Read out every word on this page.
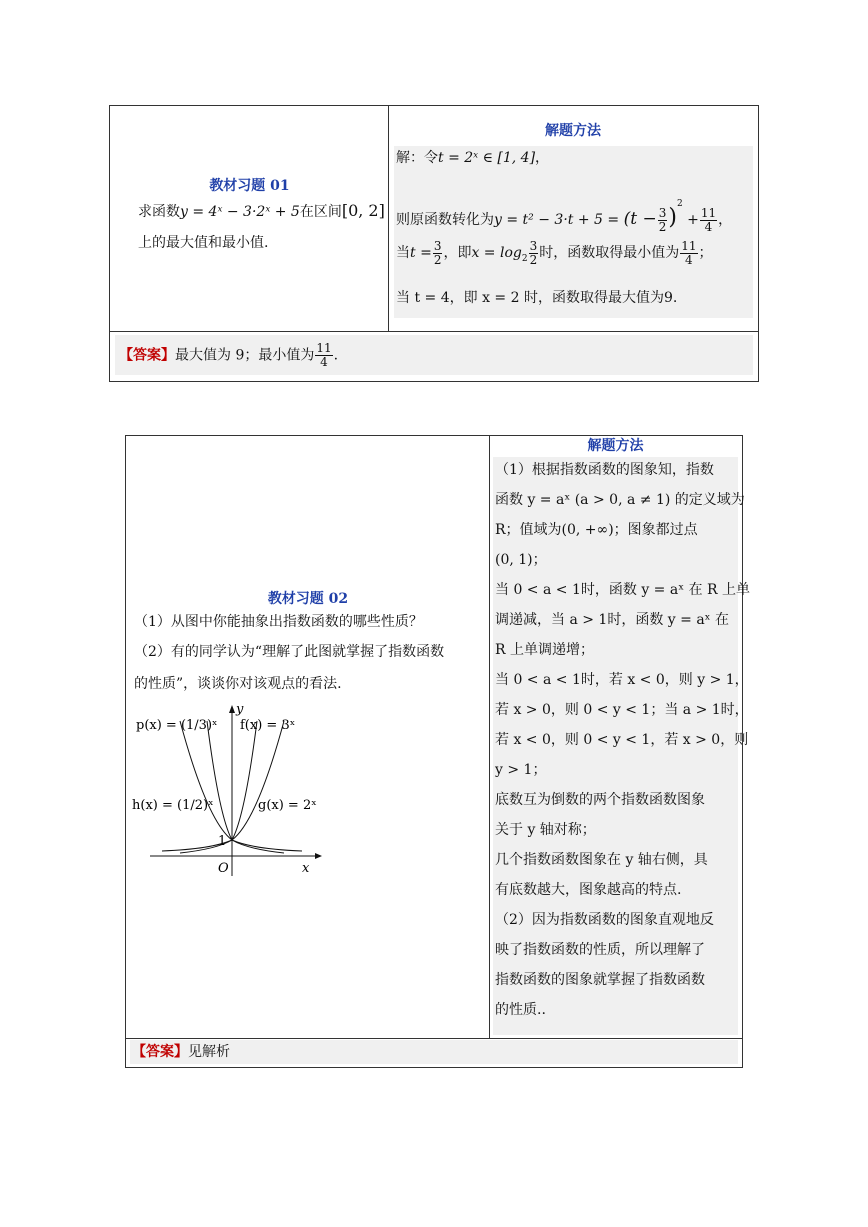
教材习题 01
求函数y = 4ˣ − 3·2ˣ + 5在区间[0, 2]
上的最大值和最小值.
解题方法
解：令t = 2ˣ ∈ [1, 4]，
则原函数转化为$y = t^2 - 3\cdot t + 5 = (t - \frac{3}{2} )^2 + \frac{11}{4}$ ，
当$t = \frac{3}{2}$ ，即$x = \log_2 \frac{3}{2}$ 时，函数取得最小值为 $\frac{11}{4}$ ；
当 t = 4，即 x = 2 时，函数取得最大值为9.
【答案】最大值为 9；最小值为 $\frac{11}{4}$ .
教材习题 02
（1）从图中你能抽象出指数函数的哪些性质？
（2）有的同学认为“理解了此图就掌握了指数函数
的性质”，谈谈你对该观点的看法.
p(x) = (1/3)ˣ f(x) = 3ˣ
h(x) = (1/2)ˣ	g(x) = 2ˣ
1
O	x
y
解题方法
（1）根据指数函数的图象知，指数
函数 y = aˣ (a > 0, a ≠ 1) 的定义域为
R；值域为(0, +∞)；图象都过点
(0, 1)；
当 0 < a < 1时，函数 y = aˣ 在 R 上单
调递减，当 a > 1时，函数 y = aˣ 在
R 上单调递增；
当 0 < a < 1时，若 x < 0，则 y > 1，
若 x > 0，则 0 < y < 1；当 a > 1时，
若 x < 0，则 0 < y < 1，若 x > 0，则
y > 1；
底数互为倒数的两个指数函数图象
关于 y 轴对称；
几个指数函数图象在 y 轴右侧，具
有底数越大，图象越高的特点.
（2）因为指数函数的图象直观地反
映了指数函数的性质，所以理解了
指数函数的图象就掌握了指数函数
的性质..
【答案】见解析
